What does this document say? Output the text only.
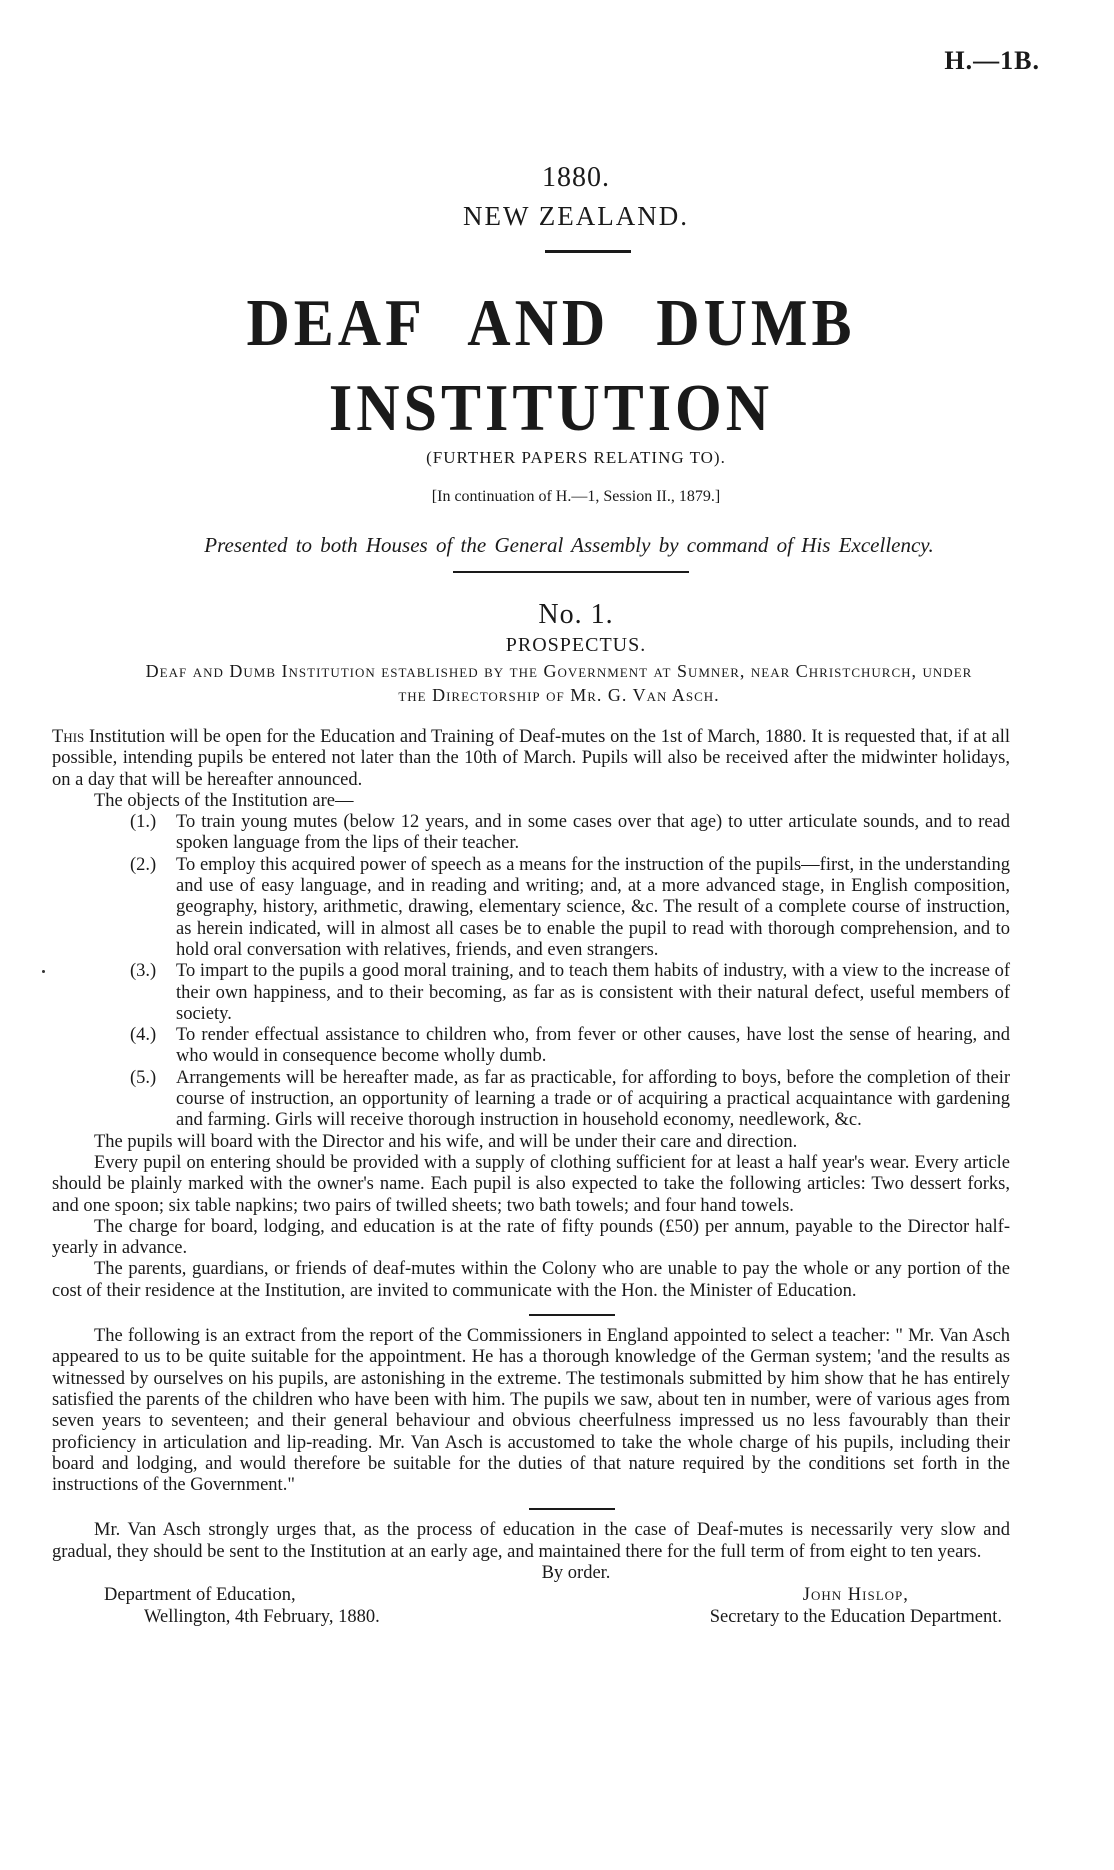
H.—1B.
1880.
NEW ZEALAND.
DEAF AND DUMB INSTITUTION
(FURTHER PAPERS RELATING TO).
[In continuation of H.—1, Session II., 1879.]
Presented to both Houses of the General Assembly by command of His Excellency.
No. 1.
PROSPECTUS.
Deaf and Dumb Institution established by the Government at Sumner, near Christchurch, under the Directorship of Mr. G. Van Asch.

This Institution will be open for the Education and Training of Deaf-mutes on the 1st of March, 1880. It is requested that, if at all possible, intending pupils be entered not later than the 10th of March. Pupils will also be received after the midwinter holidays, on a day that will be hereafter announced.

The objects of the Institution are—

(1.)	To train young mutes (below 12 years, and in some cases over that age) to utter articulate sounds, and to read spoken language from the lips of their teacher.
(2.)	To employ this acquired power of speech as a means for the instruction of the pupils—first, in the understanding and use of easy language, and in reading and writing; and, at a more advanced stage, in English composition, geography, history, arithmetic, drawing, elementary science, &c. The result of a complete course of instruction, as herein indicated, will in almost all cases be to enable the pupil to read with thorough comprehension, and to hold oral conversation with relatives, friends, and even strangers.
(3.)	To impart to the pupils a good moral training, and to teach them habits of industry, with a view to the increase of their own happiness, and to their becoming, as far as is consistent with their natural defect, useful members of society.
(4.)	To render effectual assistance to children who, from fever or other causes, have lost the sense of hearing, and who would in consequence become wholly dumb.
(5.)	Arrangements will be hereafter made, as far as practicable, for affording to boys, before the completion of their course of instruction, an opportunity of learning a trade or of acquiring a practical acquaintance with gardening and farming. Girls will receive thorough instruction in household economy, needlework, &c.

The pupils will board with the Director and his wife, and will be under their care and direction.

Every pupil on entering should be provided with a supply of clothing sufficient for at least a half year's wear. Every article should be plainly marked with the owner's name. Each pupil is also expected to take the following articles: Two dessert forks, and one spoon; six table napkins; two pairs of twilled sheets; two bath towels; and four hand towels.

The charge for board, lodging, and education is at the rate of fifty pounds (£50) per annum, payable to the Director half-yearly in advance.

The parents, guardians, or friends of deaf-mutes within the Colony who are unable to pay the whole or any portion of the cost of their residence at the Institution, are invited to communicate with the Hon. the Minister of Education.

The following is an extract from the report of the Commissioners in England appointed to select a teacher: " Mr. Van Asch appeared to us to be quite suitable for the appointment. He has a thorough knowledge of the German system; 'and the results as witnessed by ourselves on his pupils, are astonishing in the extreme. The testimonals submitted by him show that he has entirely satisfied the parents of the children who have been with him. The pupils we saw, about ten in number, were of various ages from seven years to seventeen; and their general behaviour and obvious cheerfulness impressed us no less favourably than their proficiency in articulation and lip-reading. Mr. Van Asch is accustomed to take the whole charge of his pupils, including their board and lodging, and would therefore be suitable for the duties of that nature required by the conditions set forth in the instructions of the Government."

Mr. Van Asch strongly urges that, as the process of education in the case of Deaf-mutes is necessarily very slow and gradual, they should be sent to the Institution at an early age, and maintained there for the full term of from eight to ten years.

By order.

Department of Education,
Wellington, 4th February, 1880.
John Hislop,
Secretary to the Education Department.
